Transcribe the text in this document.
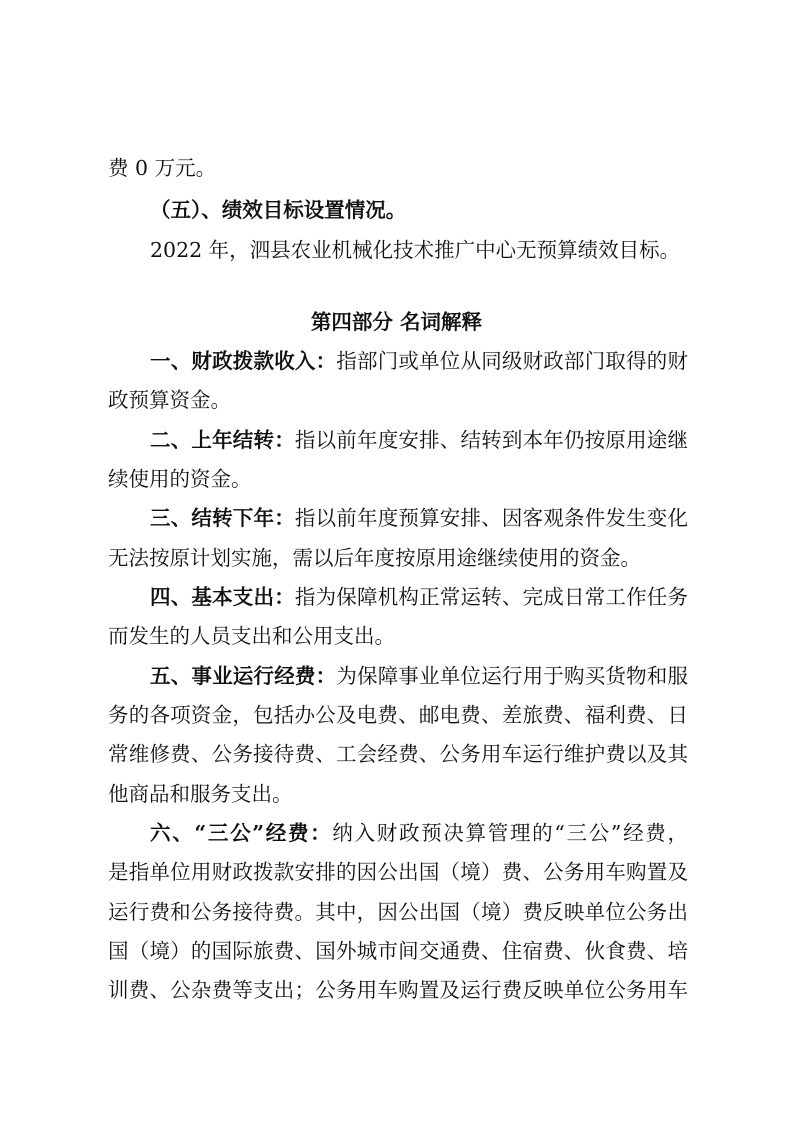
费 0 万元。
（五）、绩效目标设置情况。
2022 年，泗县农业机械化技术推广中心无预算绩效目标。
第四部分 名词解释
一、财政拨款收入：指部门或单位从同级财政部门取得的财
政预算资金。
二、上年结转：指以前年度安排、结转到本年仍按原用途继
续使用的资金。
三、结转下年：指以前年度预算安排、因客观条件发生变化
无法按原计划实施，需以后年度按原用途继续使用的资金。
四、基本支出：指为保障机构正常运转、完成日常工作任务
而发生的人员支出和公用支出。
五、事业运行经费：为保障事业单位运行用于购买货物和服
务的各项资金，包括办公及电费、邮电费、差旅费、福利费、日
常维修费、公务接待费、工会经费、公务用车运行维护费以及其
他商品和服务支出。
六、“三公”经费：纳入财政预决算管理的“三公”经费，
是指单位用财政拨款安排的因公出国（境）费、公务用车购置及
运行费和公务接待费。其中，因公出国（境）费反映单位公务出
国（境）的国际旅费、国外城市间交通费、住宿费、伙食费、培
训费、公杂费等支出；公务用车购置及运行费反映单位公务用车
